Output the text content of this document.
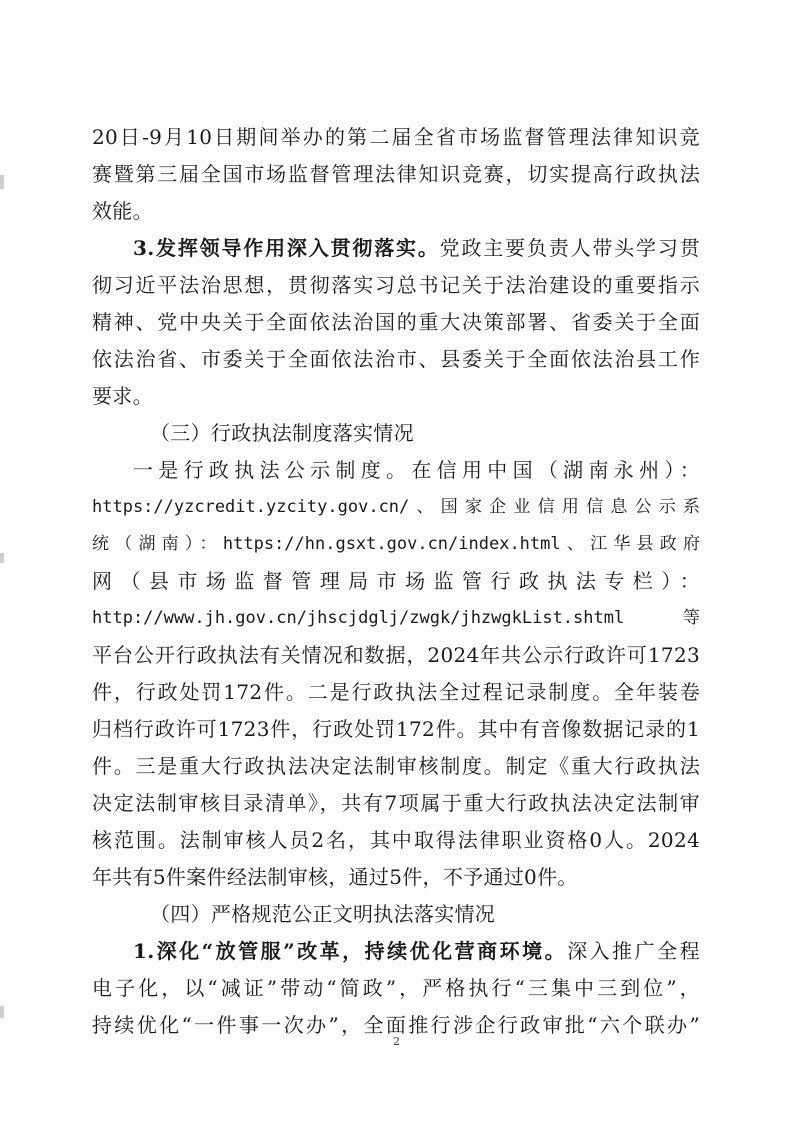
20日-9月10日期间举办的第二届全省市场监督管理法律知识竞
赛暨第三届全国市场监督管理法律知识竞赛，切实提高行政执法
效能。
3.发挥领导作用深入贯彻落实。党政主要负责人带头学习贯
彻习近平法治思想，贯彻落实习总书记关于法治建设的重要指示
精神、党中央关于全面依法治国的重大决策部署、省委关于全面
依法治省、市委关于全面依法治市、县委关于全面依法治县工作
要求。
（三）行政执法制度落实情况
一是行政执法公示制度。在信用中国（湖南永州）：
https://yzcredit.yzcity.gov.cn/、国家企业信用信息公示系
统（湖南）：https://hn.gsxt.gov.cn/index.html、江华县政府
网（县市场监督管理局市场监管行政执法专栏）：
http://www.jh.gov.cn/jhscjdglj/zwgk/jhzwgkList.shtml 等
平台公开行政执法有关情况和数据，2024年共公示行政许可1723
件，行政处罚172件。二是行政执法全过程记录制度。全年装卷
归档行政许可1723件，行政处罚172件。其中有音像数据记录的1
件。三是重大行政执法决定法制审核制度。制定《重大行政执法
决定法制审核目录清单》，共有7项属于重大行政执法决定法制审
核范围。法制审核人员2名，其中取得法律职业资格0人。2024
年共有5件案件经法制审核，通过5件，不予通过0件。
（四）严格规范公正文明执法落实情况
1.深化“放管服”改革，持续优化营商环境。深入推广全程
电子化，以“减证”带动“简政”，严格执行“三集中三到位”，
持续优化“一件事一次办”，全面推行涉企行政审批“六个联办”
2
